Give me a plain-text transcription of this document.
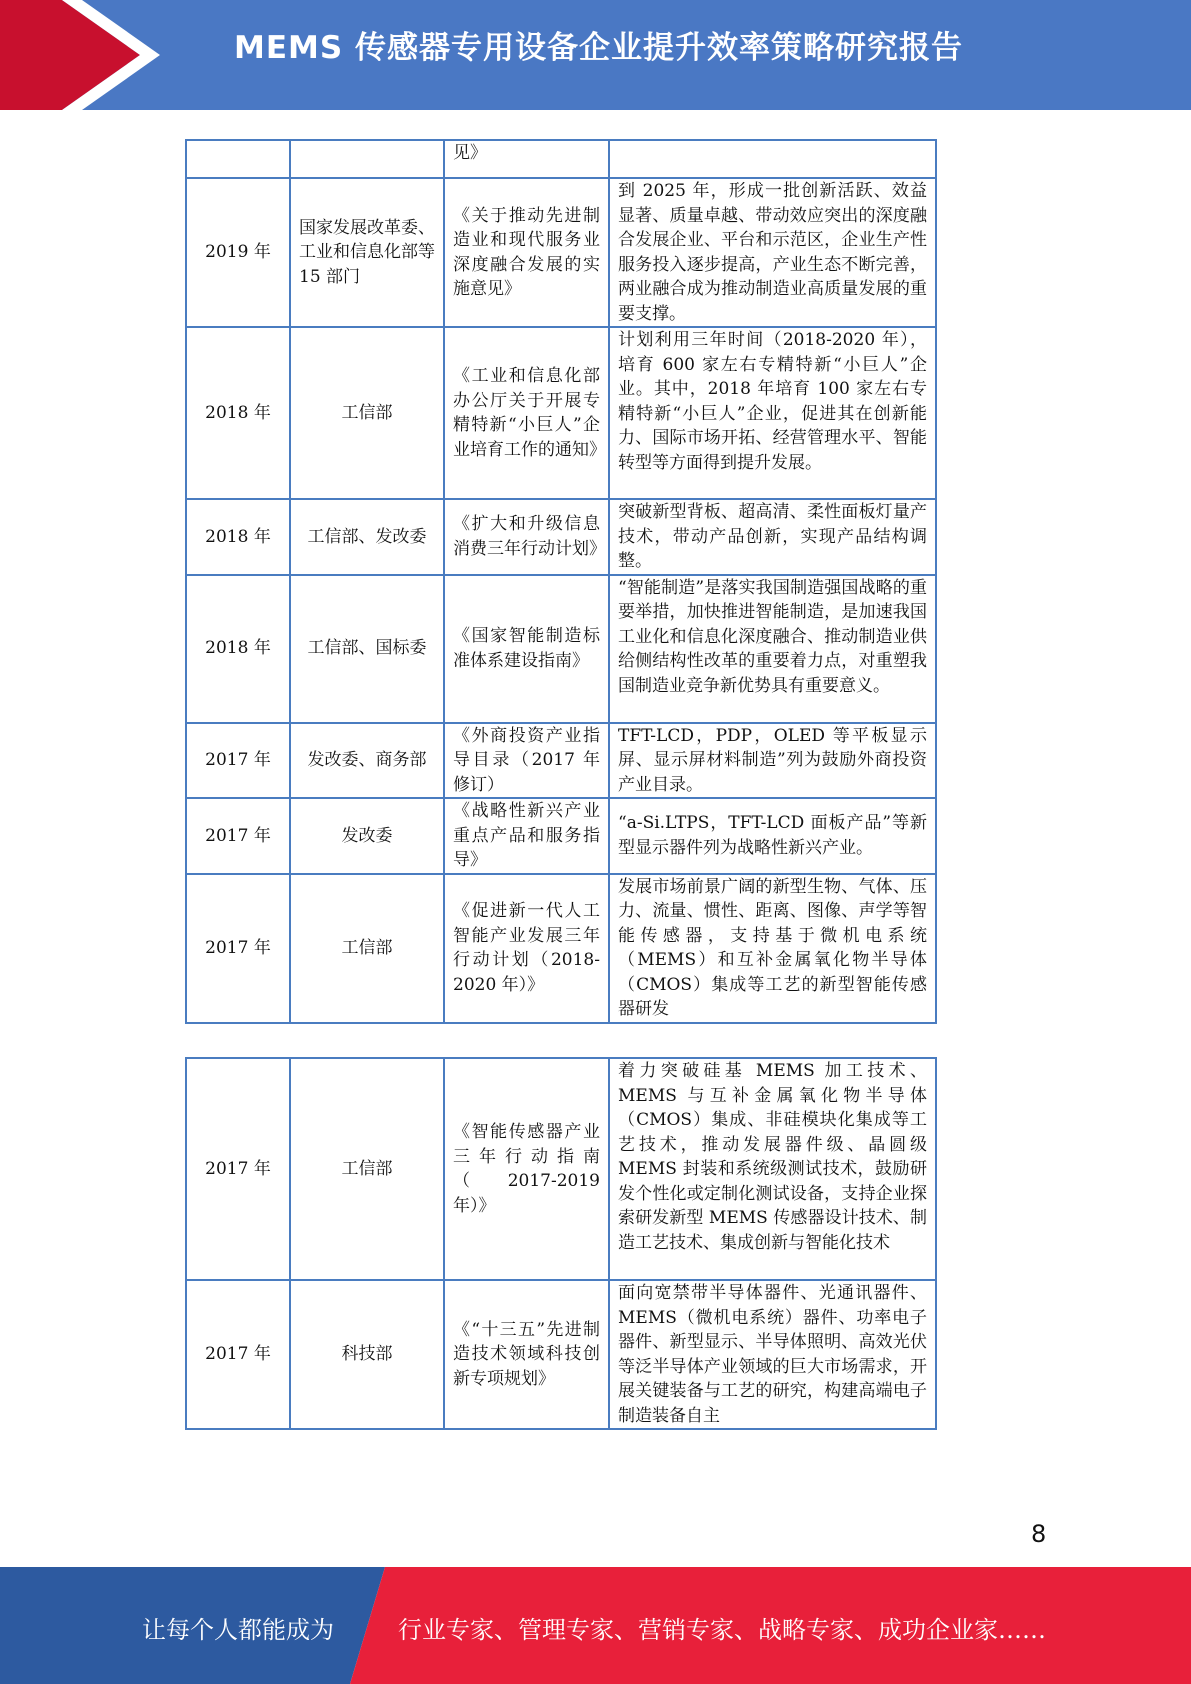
MEMS 传感器专用设备企业提升效率策略研究报告
		见》	
2019 年	国家发展改革委、工业和信息化部等 15 部门	《关于推动先进制造业和现代服务业深度融合发展的实施意见》	到 2025 年，形成一批创新活跃、效益显著、质量卓越、带动效应突出的深度融合发展企业、平台和示范区，企业生产性服务投入逐步提高，产业生态不断完善，两业融合成为推动制造业高质量发展的重要支撑。
2018 年	工信部	《工业和信息化部办公厅关于开展专精特新“小巨人”企业培育工作的通知》	计划利用三年时间（2018-2020 年），培育 600 家左右专精特新“小巨人”企业。其中，2018 年培育 100 家左右专精特新“小巨人”企业，促进其在创新能力、国际市场开拓、经营管理水平、智能转型等方面得到提升发展。
2018 年	工信部、发改委	《扩大和升级信息消费三年行动计划》	突破新型背板、超高清、柔性面板灯量产技术，带动产品创新，实现产品结构调整。
2018 年	工信部、国标委	《国家智能制造标准体系建设指南》	“智能制造”是落实我国制造强国战略的重要举措，加快推进智能制造，是加速我国工业化和信息化深度融合、推动制造业供给侧结构性改革的重要着力点，对重塑我国制造业竞争新优势具有重要意义。
2017 年	发改委、商务部	《外商投资产业指导目录（2017 年修订）	TFT-LCD，PDP，OLED 等平板显示屏、显示屏材料制造”列为鼓励外商投资产业目录。
2017 年	发改委	《战略性新兴产业重点产品和服务指导》	“a-Si.LTPS，TFT-LCD 面板产品”等新型显示器件列为战略性新兴产业。
2017 年	工信部	《促进新一代人工智能产业发展三年行动计划（2018-2020 年）》	发展市场前景广阔的新型生物、气体、压力、流量、惯性、距离、图像、声学等智能传感器，支持基于微机电系统（MEMS）和互补金属氧化物半导体（CMOS）集成等工艺的新型智能传感器研发
2017 年	工信部	《智能传感器产业三年行动指南（2017-2019 年）》	着力突破硅基 MEMS 加工技术、MEMS 与互补金属氧化物半导体（CMOS）集成、非硅模块化集成等工艺技术，推动发展器件级、晶圆级MEMS 封装和系统级测试技术，鼓励研发个性化或定制化测试设备，支持企业探索研发新型 MEMS 传感器设计技术、制造工艺技术、集成创新与智能化技术
2017 年	科技部	《“十三五”先进制造技术领域科技创新专项规划》	面向宽禁带半导体器件、光通讯器件、MEMS（微机电系统）器件、功率电子器件、新型显示、半导体照明、高效光伏等泛半导体产业领域的巨大市场需求，开展关键装备与工艺的研究，构建高端电子制造装备自主
8
让每个人都能成为	行业专家、管理专家、营销专家、战略专家、成功企业家……
